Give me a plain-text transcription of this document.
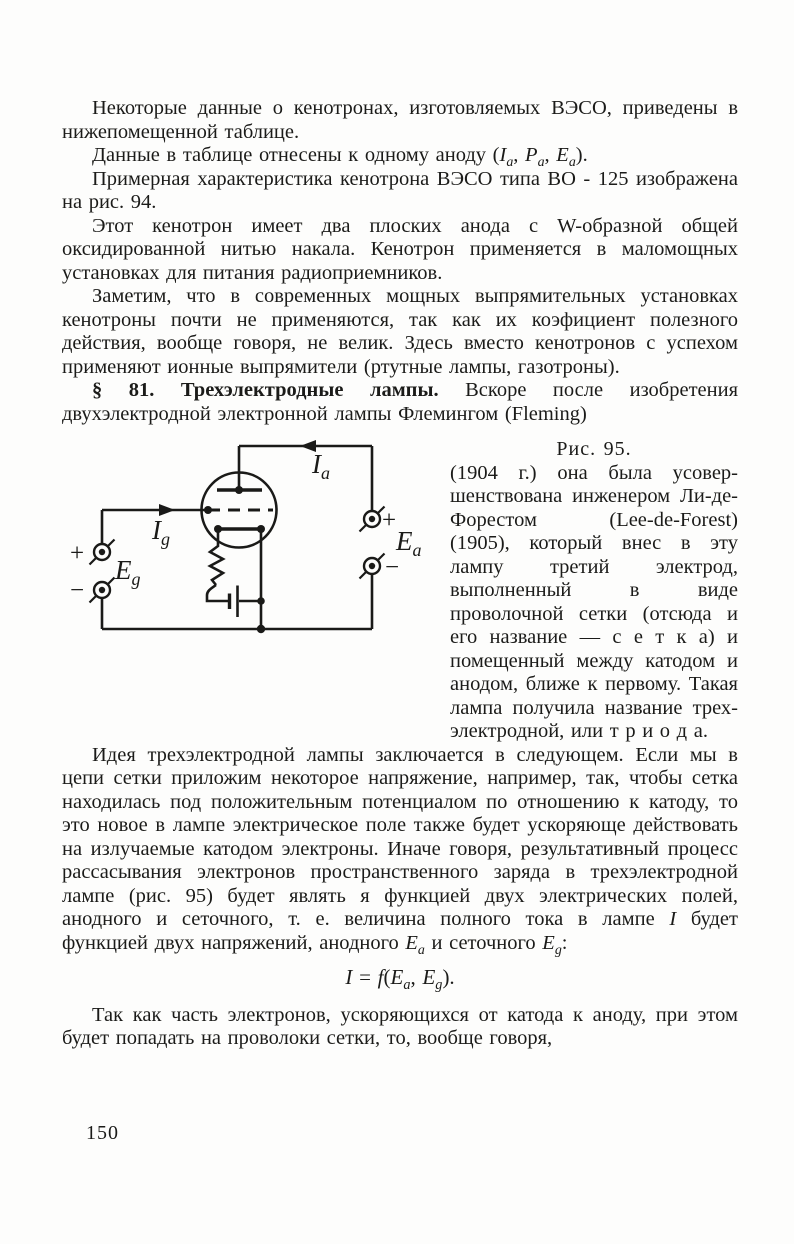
Некоторые данные о кенотронах, изготовляемых ВЭСО, приведены в нижепомещенной таблице.

Данные в таблице отнесены к одному аноду ($I_a$, $P_a$, $E_a$).

Примерная характеристика кенотрона ВЭСО типа ВО - 125 изображена на рис. 94.

Этот кенотрон имеет два плоских анода с W-образной общей оксидированной нитью накала. Кенотрон применяется в маломощных установках для питания радиоприемников.

Заметим, что в современных мощных выпрямительных установках кенотроны почти не применяются, так как их коэфициент полезного действия, вообще говоря, не велик. Здесь вместо кенотронов с успехом применяют ионные выпрямители (ртутные лампы, газотроны).

§ 81. Трехэлектродные лампы. Вскоре после изобретения двухэлектродной электронной лампы Флемингом (Fleming)
$I_a$
$I_g$
$E_g$
$E_a$
+
−
+
−

Рис. 95.
(1904 г.) она была усовершенствована инженером Ли-де-Форестом (Lee-de-Forest) (1905), который внес в эту лампу третий электрод, выполненный в виде проволочной сетки (отсюда и его название — с е т к а) и помещенный между катодом и анодом, ближе к первому. Такая лампа получила название трехэлектродной, или т р и о д а.

Идея трехэлектродной лампы заключается в следующем. Если мы в цепи сетки приложим некоторое напряжение, например, так, чтобы сетка находилась под положительным потенциалом по отношению к катоду, то это новое в лампе электрическое поле также будет ускоряюще действовать на излучаемые катодом электроны. Иначе говоря, результативный процесс рассасывания электронов пространственного заряда в трехэлектродной лампе (рис. 95) будет являть я функцией двух электрических полей, анодного и сеточного, т. е. величина полного тока в лампе I будет функцией двух напряжений, анодного $E_a$ и сеточного $E_g$:

$I = f(E_a$, $E_g$).

Так как часть электронов, ускоряющихся от катода к аноду, при этом будет попадать на проволоки сетки, то, вообще говоря,

150
